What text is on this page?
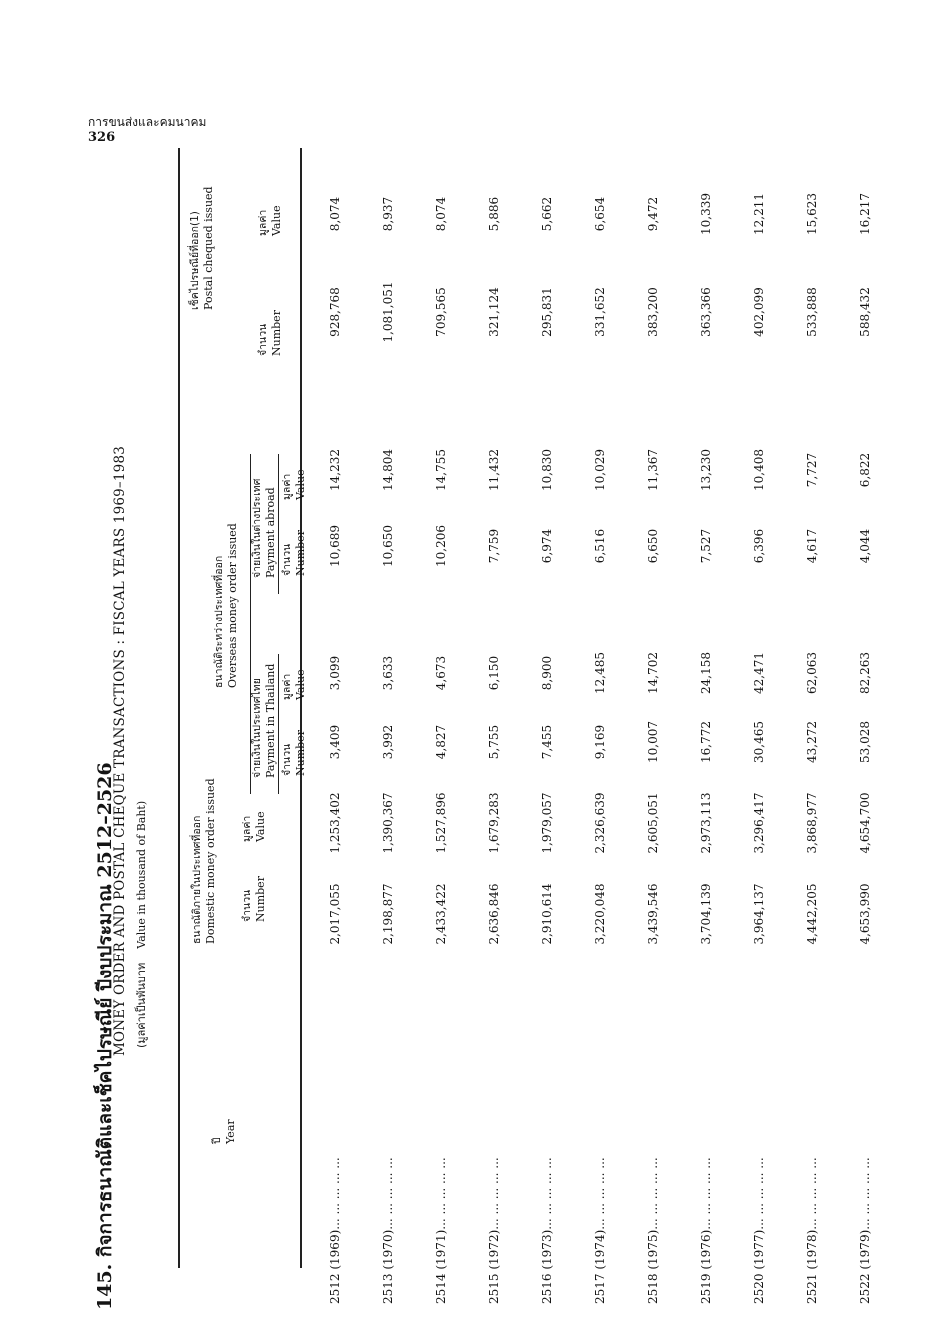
การขนส่งและคมนาคม
326
145. กิจการธนาณัติและเช็คไปรษณีย์ ปีงบประมาณ 2512–2526
MONEY ORDER AND POSTAL CHEQUE TRANSACTIONS : FISCAL YEARS 1969–1983 (มูลค่าเป็นพันบาท    Value in thousand of Baht)
ปี Year
ธนาณัติภายในประเทศที่ออก Domestic money order issued จำนวน Number
มูลค่า Value
ธนาณัติระหว่างประเทศที่ออก Overseas money order issued
จ่ายเงินในประเทศไทย Payment in Thailand
จ่ายเงินในต่างประเทศ Payment abroad
จำนวน Number
มูลค่า Value
จำนวน Number
มูลค่า Value
เช็คไปรษณีย์ที่ออก(1) Postal chequed issued
จำนวน Number
มูลค่า Value
2512 (1969)... ... ... ... ...
2,017,055
1,253,402
3,409
3,099
10,689
14,232
928,768
8,074
2513 (1970)... ... ... ... ...
2,198,877
1,390,367
3,992
3,633
10,650
14,804
1,081,051
8,937
2514 (1971)... ... ... ... ...
2,433,422
1,527,896
4,827
4,673
10,206
14,755
709,565
8,074
2515 (1972)... ... ... ... ...
2,636,846
1,679,283
5,755
6,150
7,759
11,432
321,124
5,886
2516 (1973)... ... ... ... ...
2,910,614
1,979,057
7,455
8,900
6,974
10,830
295,831
5,662
2517 (1974)... ... ... ... ...
3,220,048
2,326,639
9,169
12,485
6,516
10,029
331,652
6,654
2518 (1975)... ... ... ... ...
3,439,546
2,605,051
10,007
14,702
6,650
11,367
383,200
9,472
2519 (1976)... ... ... ... ...
3,704,139
2,973,113
16,772
24,158
7,527
13,230
363,366
10,339
2520 (1977)... ... ... ... ...
3,964,137
3,296,417
30,465
42,471
6,396
10,408
402,099
12,211
2521 (1978)... ... ... ... ...
4,442,205
3,868,977
43,272
62,063
4,617
7,727
533,888
15,623
2522 (1979)... ... ... ... ...
4,653,990
4,654,700
53,028
82,263
4,044
6,822
588,432
16,217
